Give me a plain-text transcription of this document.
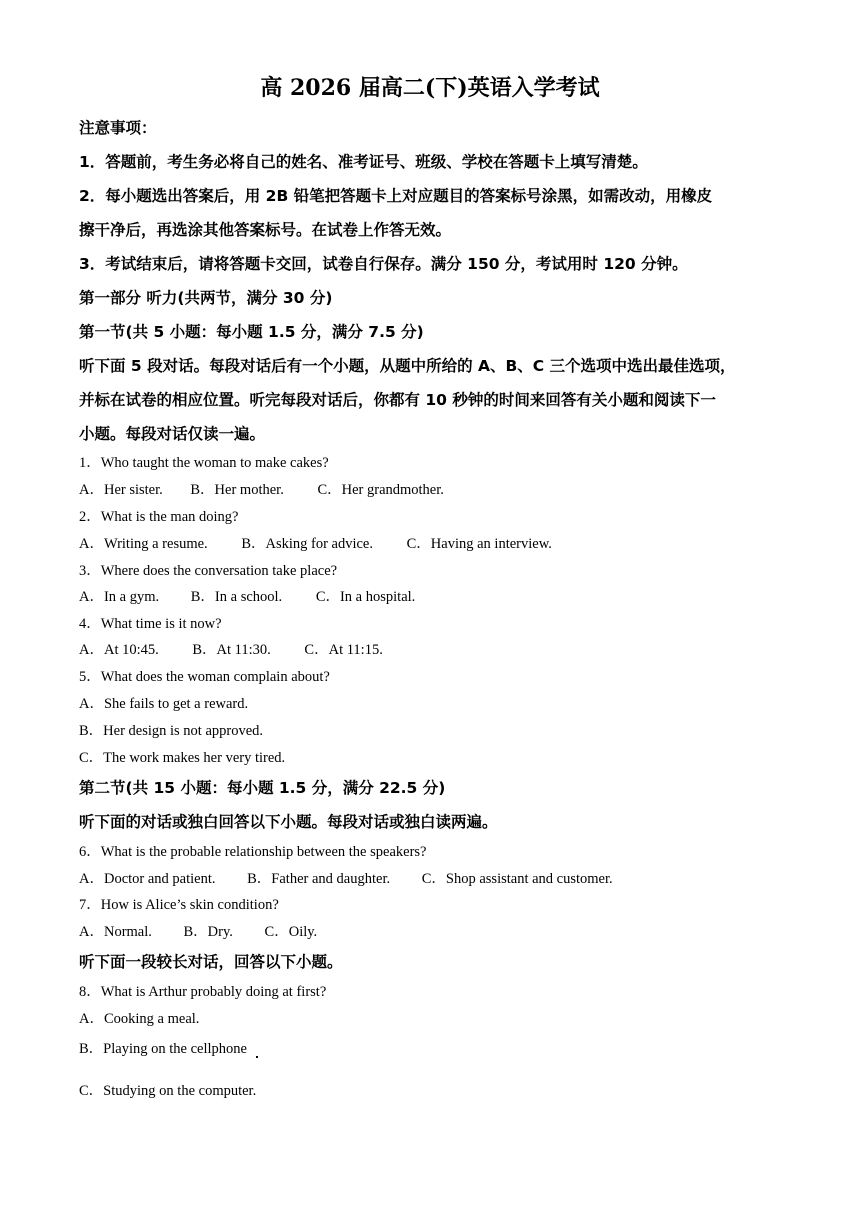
高 2026 届高二(下)英语入学考试
注意事项：
1．答题前，考生务必将自己的姓名、准考证号、班级、学校在答题卡上填写清楚。
2．每小题选出答案后，用 2B 铅笔把答题卡上对应题目的答案标号涂黑，如需改动，用橡皮
擦干净后，再选涂其他答案标号。在试卷上作答无效。
3．考试结束后，请将答题卡交回，试卷自行保存。满分 150 分，考试用时 120 分钟。
第一部分 听力(共两节，满分 30 分)
第一节(共 5 小题：每小题 1.5 分，满分 7.5 分)
听下面 5 段对话。每段对话后有一个小题，从题中所给的 A、B、C 三个选项中选出最佳选项，
并标在试卷的相应位置。听完每段对话后，你都有 10 秒钟的时间来回答有关小题和阅读下一
小题。每段对话仅读一遍。
1．Who taught the woman to make cakes?
A．Her sister. B．Her mother. C．Her grandmother.
2．What is the man doing?
A．Writing a resume. B．Asking for advice. C．Having an interview.
3．Where does the conversation take place?
A．In a gym. B．In a school. C．In a hospital.
4．What time is it now?
A．At 10:45. B．At 11:30. C．At 11:15.
5．What does the woman complain about?
A．She fails to get a reward.
B．Her design is not approved.
C．The work makes her very tired.
第二节(共 15 小题：每小题 1.5 分，满分 22.5 分)
听下面的对话或独白回答以下小题。每段对话或独白读两遍。
6．What is the probable relationship between the speakers?
A．Doctor and patient. B．Father and daughter. C．Shop assistant and customer.
7．How is Alice’s skin condition?
A．Normal. B．Dry. C．Oily.
听下面一段较长对话，回答以下小题。
8．What is Arthur probably doing at first?
A．Cooking a meal.
B．Playing on the cellphone
C．Studying on the computer.
